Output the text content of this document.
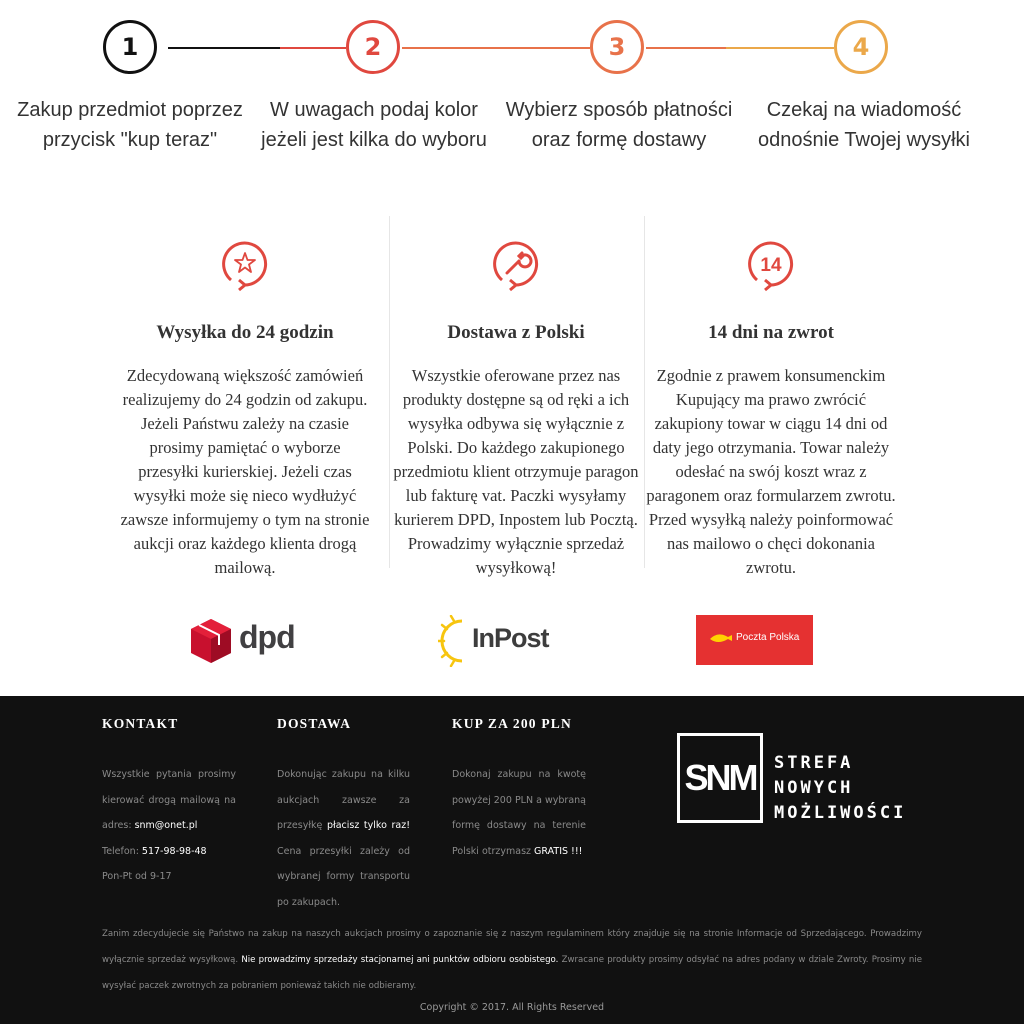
1	2	3	4
Zakup przedmiot poprzez przycisk "kup teraz"
W uwagach podaj kolor jeżeli jest kilka do wyboru
Wybierz sposób płatności oraz formę dostawy
Czekaj na wiadomość odnośnie Twojej wysyłki
Wysyłka do 24 godzin
Zdecydowaną większość zamówień realizujemy do 24 godzin od zakupu. Jeżeli Państwu zależy na czasie prosimy pamiętać o wyborze przesyłki kurierskiej. Jeżeli czas wysyłki może się nieco wydłużyć zawsze informujemy o tym na stronie aukcji oraz każdego klienta drogą mailową.
Dostawa z Polski
Wszystkie oferowane przez nas produkty dostępne są od ręki a ich wysyłka odbywa się wyłącznie z Polski. Do każdego zakupionego przedmiotu klient otrzymuje paragon lub fakturę vat. Paczki wysyłamy kurierem DPD, Inpostem lub Pocztą. Prowadzimy wyłącznie sprzedaż wysyłkową!
14
14 dni na zwrot
Zgodnie z prawem konsumenckim Kupujący ma prawo zwrócić zakupiony towar w ciągu 14 dni od daty jego otrzymania. Towar należy odesłać na swój koszt wraz z paragonem oraz formularzem zwrotu. Przed wysyłką należy poinformować nas mailowo o chęci dokonania zwrotu.
dpd	InPost	Poczta Polska
KONTAKT
Wszystkie pytania prosimy kierować drogą mailową na adres: snm@onet.pl
Telefon: 517-98-98-48
Pon-Pt od 9-17
DOSTAWA
Dokonując zakupu na kilku aukcjach zawsze za przesyłkę płacisz tylko raz! Cena przesyłki zależy od wybranej formy transportu po zakupach.
KUP ZA 200 PLN
Dokonaj zakupu na kwotę powyżej 200 PLN a wybraną formę dostawy na terenie Polski otrzymasz GRATIS !!!
SNM	STREFA
NOWYCH
MOŻLIWOŚCI
Zanim zdecydujecie się Państwo na zakup na naszych aukcjach prosimy o zapoznanie się z naszym regulaminem który znajduje się na stronie Informacje od Sprzedającego. Prowadzimy wyłącznie sprzedaż wysyłkową. Nie prowadzimy sprzedaży stacjonarnej ani punktów odbioru osobistego. Zwracane produkty prosimy odsyłać na adres podany w dziale Zwroty. Prosimy nie wysyłać paczek zwrotnych za pobraniem ponieważ takich nie odbieramy.
Copyright © 2017. All Rights Reserved
